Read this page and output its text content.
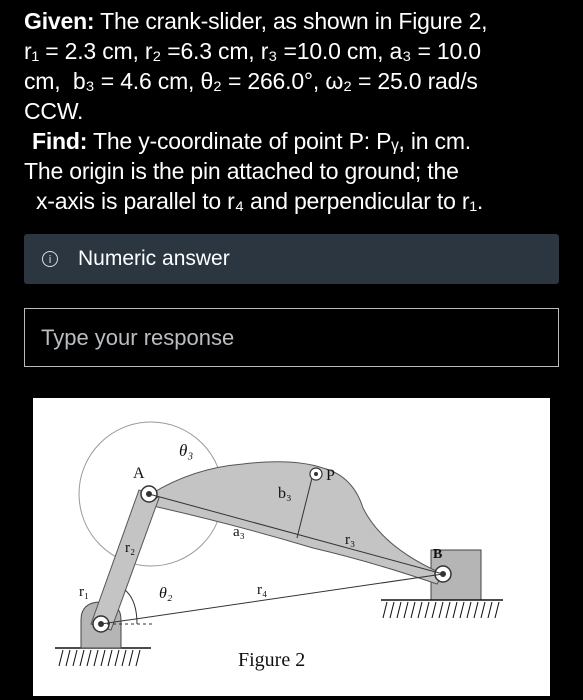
Given: The crank-slider, as shown in Figure 2,

r₁ = 2.3 cm, r₂ =6.3 cm, r₃ =10.0 cm, a₃ = 10.0

cm, b₃ = 4.6 cm, θ₂ = 266.0°, ω₂ = 25.0 rad/s

CCW.

Find: The y-coordinate of point P: Pᵧ, in cm.

The origin is the pin attached to ground; the

x-axis is parallel to r₄ and perpendicular to r₁.

i	Numeric answer
Type your response
θ₃
A
b₃
P
a₃	r₃
r₂	B
r₁	θ₂	r₄
Figure 2
